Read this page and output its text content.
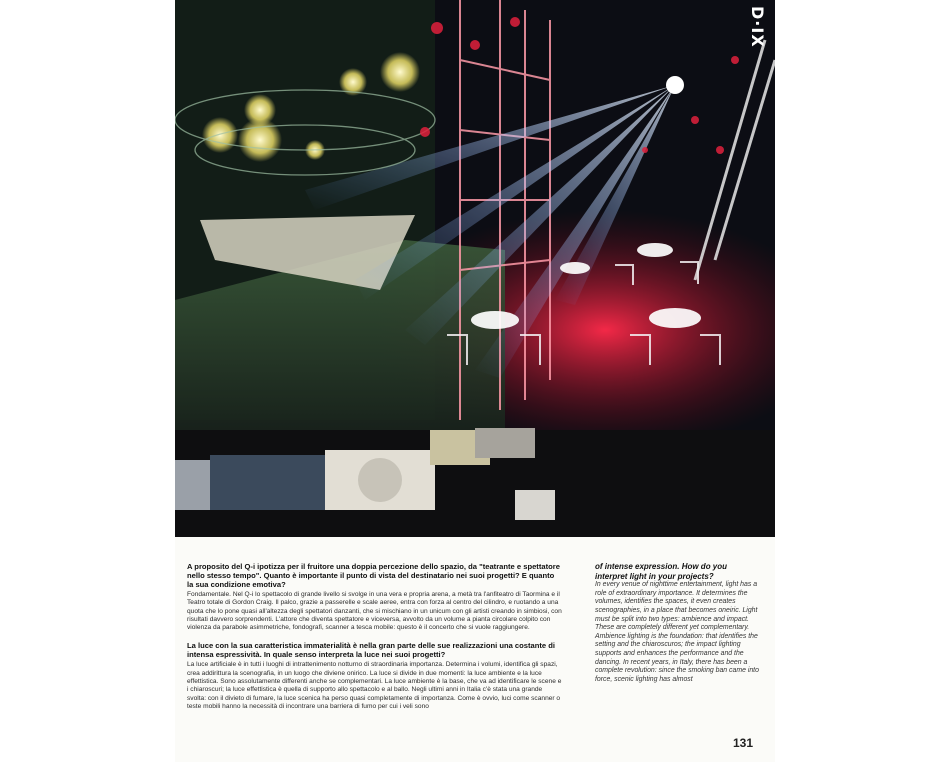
D·IX

A proposito del Q-i ipotizza per il fruitore una doppia percezione dello spazio, da "teatrante e spettatore nello stesso tempo". Quanto è importante il punto di vista del destinatario nei suoi progetti? E quanto la sua condizione emotiva?

Fondamentale. Nel Q-i lo spettacolo di grande livello si svolge in una vera e propria arena, a metà tra l'anfiteatro di Taormina e il Teatro totale di Gordon Craig. Il palco, grazie a passerelle e scale aeree, entra con forza al centro del cilindro, e ruotando a una quota che lo pone quasi all'altezza degli spettatori danzanti, che si mischiano in un unicum con gli artisti creando in simbiosi, con risultati davvero sorprendenti. L'attore che diventa spettatore e viceversa, avvolto da un volume a pianta circolare colpito con violenza da parabole asimmetriche, fondografi, scanner a tesca mobile: questo è il concerto che si vuole raggiungere.

La luce con la sua caratteristica immaterialità è nella gran parte delle sue realizzazioni una costante di intensa espressività. In quale senso interpreta la luce nei suoi progetti?

La luce artificiale è in tutti i luoghi di intrattenimento notturno di straordinaria importanza. Determina i volumi, identifica gli spazi, crea addirittura la scenografia, in un luogo che diviene onirico. La luce si divide in due momenti: la luce ambiente e la luce effettistica. Sono assolutamente differenti anche se complementari. La luce ambiente è la base, che va ad identificare le scene e i chiaroscuri; la luce effettistica è quella di supporto allo spettacolo e al ballo. Negli ultimi anni in Italia c'è stata una grande svolta: con il divieto di fumare, la luce scenica ha perso quasi completamente di importanza. Come è ovvio, luci come scanner o teste mobili hanno la necessità di incontrare una barriera di fumo per cui i veli sono

of intense expression. How do you interpret light in your projects?

In every venue of nighttime entertainment, light has a role of extraordinary importance. It determines the volumes, identifies the spaces, it even creates scenographies, in a place that becomes oneiric. Light must be split into two types: ambience and impact. These are completely different yet complementary. Ambience lighting is the foundation: that identifies the setting and the chiaroscuros; the impact lighting supports and enhances the performance and the dancing. In recent years, in Italy, there has been a complete revolution: since the smoking ban came into force, scenic lighting has almost

131
